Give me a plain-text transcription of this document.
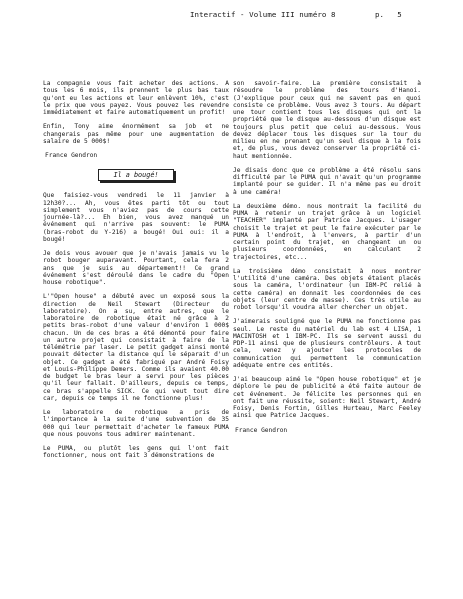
Interactif - Volume III numéro 8	p. 5

La compagnie vous fait acheter des actions. A tous les 6 mois, ils prennent le plus bas taux qu'ont eu les actions et leur enlèvent 10%, c'est le prix que vous payez. Vous pouvez les revendre immédiatement et faire automatiquement un profit!

Enfin, Tony aime énormément sa job et ne changerais pas même pour une augmentation de salaire de 5 000$!

France Gendron

Il a bougé!

Que faisiez-vous vendredi le 11 janvier à 12h30?... Ah, vous êtes parti tôt ou tout simplement vous n'aviez pas de cours cette journée-là?... Eh bien, vous avez manqué un événement qui n'arrive pas souvent: le PUMA (bras-robot du Y-216) a bougé! Oui oui: il a bougé!

Je dois vous avouer que je n'avais jamais vu le robot bouger auparavant. Pourtant, cela fera 2 ans que je suis au département!! Ce grand événement s'est déroulé dans le cadre du "Open house robotique".

L'"Open house" a débuté avec un exposé sous la direction de Neil Stewart (Directeur du laboratoire). On a su, entre autres, que le laboratoire de robotique était né grâce à 2 petits bras-robot d'une valeur d'environ 1 000$ chacun. Un de ces bras a été démonté pour faire un autre projet qui consistait à faire de la télémétrie par laser. Le petit gadget ainsi monté pouvait détecter la distance qui le séparait d'un objet. Ce gadget a été fabriqué par André Foisy et Louis-Philippe Demers. Comme ils avaient 40.00 de budget le bras leur a servi pour les pièces qu'il leur fallait. D'ailleurs, depuis ce temps, ce bras s'appelle SICK. Ce qui veut tout dire car, depuis ce temps il ne fonctionne plus!

Le laboratoire de robotique a pris de l'importance à la suite d'une subvention de 35 000 qui leur permettait d'acheter le fameux PUMA que nous pouvons tous admirer maintenant.

Le PUMA, ou plutôt les gens qui l'ont fait fonctionner, nous ont fait 3 démonstrations de

son savoir-faire. La première consistait à résoudre le problème des tours d'Hanoi. (J'explique pour ceux qui ne savent pas en quoi consiste ce problème. Vous avez 3 tours. Au départ une tour contient tous les disques qui ont la propriété que le disque au-dessous d'un disque est toujours plus petit que celui au-dessous. Vous devez déplacer tous les disques sur la tour du milieu en ne prenant qu'un seul disque à la fois et, de plus, vous devez conserver la propriété ci-haut mentionnée.

Je disais donc que ce problème a été résolu sans difficulté par le PUMA qui n'avait qu'un programme implanté pour se guider. Il n'a même pas eu droit à une caméra!

La deuxième démo. nous montrait la facilité du PUMA à retenir un trajet grâce à un logiciel "TEACHER" implanté par Patrice Jacques. L'usager choisit le trajet et peut le faire exécuter par le PUMA à l'endroit, à l'envers, à partir d'un certain point du trajet, en changeant un ou plusieurs coordonnées, en calculant 2 trajectoires, etc...

La troisième démo consistait à nous montrer l'utilité d'une caméra. Des objets étaient placés sous la caméra, l'ordinateur (un IBM-PC relié à cette caméra) en donnait les coordonnées de ces objets (leur centre de masse). Ces très utile au robot lorsqu'il voudra aller chercher un objet.

J'aimerais souligné que le PUMA ne fonctionne pas seul. Le reste du matériel du lab est 4 LISA, 1 MACINTOSH et 1 IBM-PC. Ils se servent aussi du PDP-11 ainsi que de plusieurs contrôleurs. A tout cela, venez y ajouter les protocoles de communication qui permettent le communication adéquate entre ces entités.

J'ai beaucoup aimé le "Open house robotique" et je déplore le peu de publicité a été faite autour de cet événement. Je félicite les personnes qui en ont fait une réussite, soient: Neil Stewart, André Foisy, Denis Fortin, Gilles Hurteau, Marc Feeley ainsi que Patrice Jacques.

France Gendron
